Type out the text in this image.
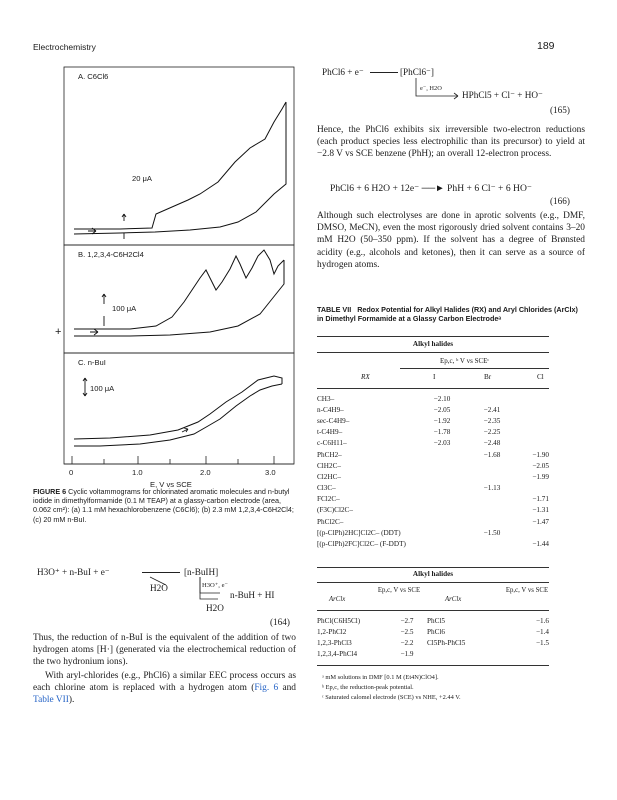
Electrochemistry	189
A. C6Cl6
20 μA
B. 1,2,3,4-C6H2Cl4
100 μA
+
C. n-BuI
100 μA
0	1.0	2.0	3.0
E, V vs SCE
FIGURE 6 Cyclic voltammograms for chlorinated aromatic molecules and n-butyl iodide in dimethylformamide (0.1 M TEAP) at a glassy-carbon electrode (area, 0.062 cm²): (a) 1.1 mM hexachlorobenzene (C6Cl6); (b) 2.3 mM 1,2,3,4-C6H2Cl4; (c) 20 mM n-BuI.
H3O⁺ + n-BuI + e⁻	[n-BuIH]
H2O	H3O⁺, e⁻
n-BuH + HI
H2O
(164)
Thus, the reduction of n-BuI is the equivalent of the addition of two hydrogen atoms [H·] (generated via the electrochemical reduction of the two hydronium ions).
With aryl-chlorides (e.g., PhCl6) a similar EEC process occurs as each chlorine atom is replaced with a hydrogen atom (Fig. 6 and Table VII).
PhCl6 + e⁻	[PhCl6⁻]
e⁻, H2O
HPhCl5 + Cl⁻ + HO⁻
(165)
Hence, the PhCl6 exhibits six irreversible two-electron reductions (each product species less electrophilic than its precursor) to yield at −2.8 V vs SCE benzene (PhH); an overall 12-electron process.
PhCl6 + 6 H2O + 12e⁻ ──► PhH + 6 Cl⁻ + 6 HO⁻
(166)
Although such electrolyses are done in aprotic solvents (e.g., DMF, DMSO, MeCN), even the most rigorously dried solvent contains 3–20 mM H2O (50–350 ppm). If the solvent has a degree of Brønsted acidity (e.g., alcohols and ketones), then it can serve as a source of hydrogen atoms.
TABLE VII Redox Potential for Alkyl Halides (RX) and Aryl Chlorides (ArClx) in Dimethyl Formamide at a Glassy Carbon Electrodeᵃ
Alkyl halides
Ep,c, ᵇ V vs SCEᶜ
RX	I	Br	Cl
CH3–	−2.10		
n-C4H9–	−2.05	−2.41	
sec-C4H9–	−1.92	−2.35	
t-C4H9–	−1.78	−2.25	
c-C6H11–	−2.03	−2.48	
PhCH2–		−1.68	−1.90
ClH2C–			−2.05
Cl2HC–			−1.99
Cl3C–		−1.13	
FCl2C–			−1.71
(F3C)Cl2C–			−1.31
PhCl2C–			−1.47
[(p-ClPh)2HC]Cl2C– (DDT)		−1.50	
[(p-ClPh)2FC]Cl2C– (F-DDT)			−1.44
Alkyl halides
ArClx
Ep,c, V vs SCE
ArClx
Ep,c, V vs SCE
PhCl(C6H5Cl)	−2.7	PhCl5	−1.6
1,2-PhCl2	−2.5	PhCl6	−1.4
1,2,3-PhCl3	−2.2	Cl5Ph-PhCl5	−1.5
1,2,3,4-PhCl4	−1.9		
ᵃ mM solutions in DMF [0.1 M (Et4N)ClO4].
ᵇ Ep,c, the reduction-peak potential.
ᶜ Saturated calomel electrode (SCE) vs NHE, +2.44 V.
